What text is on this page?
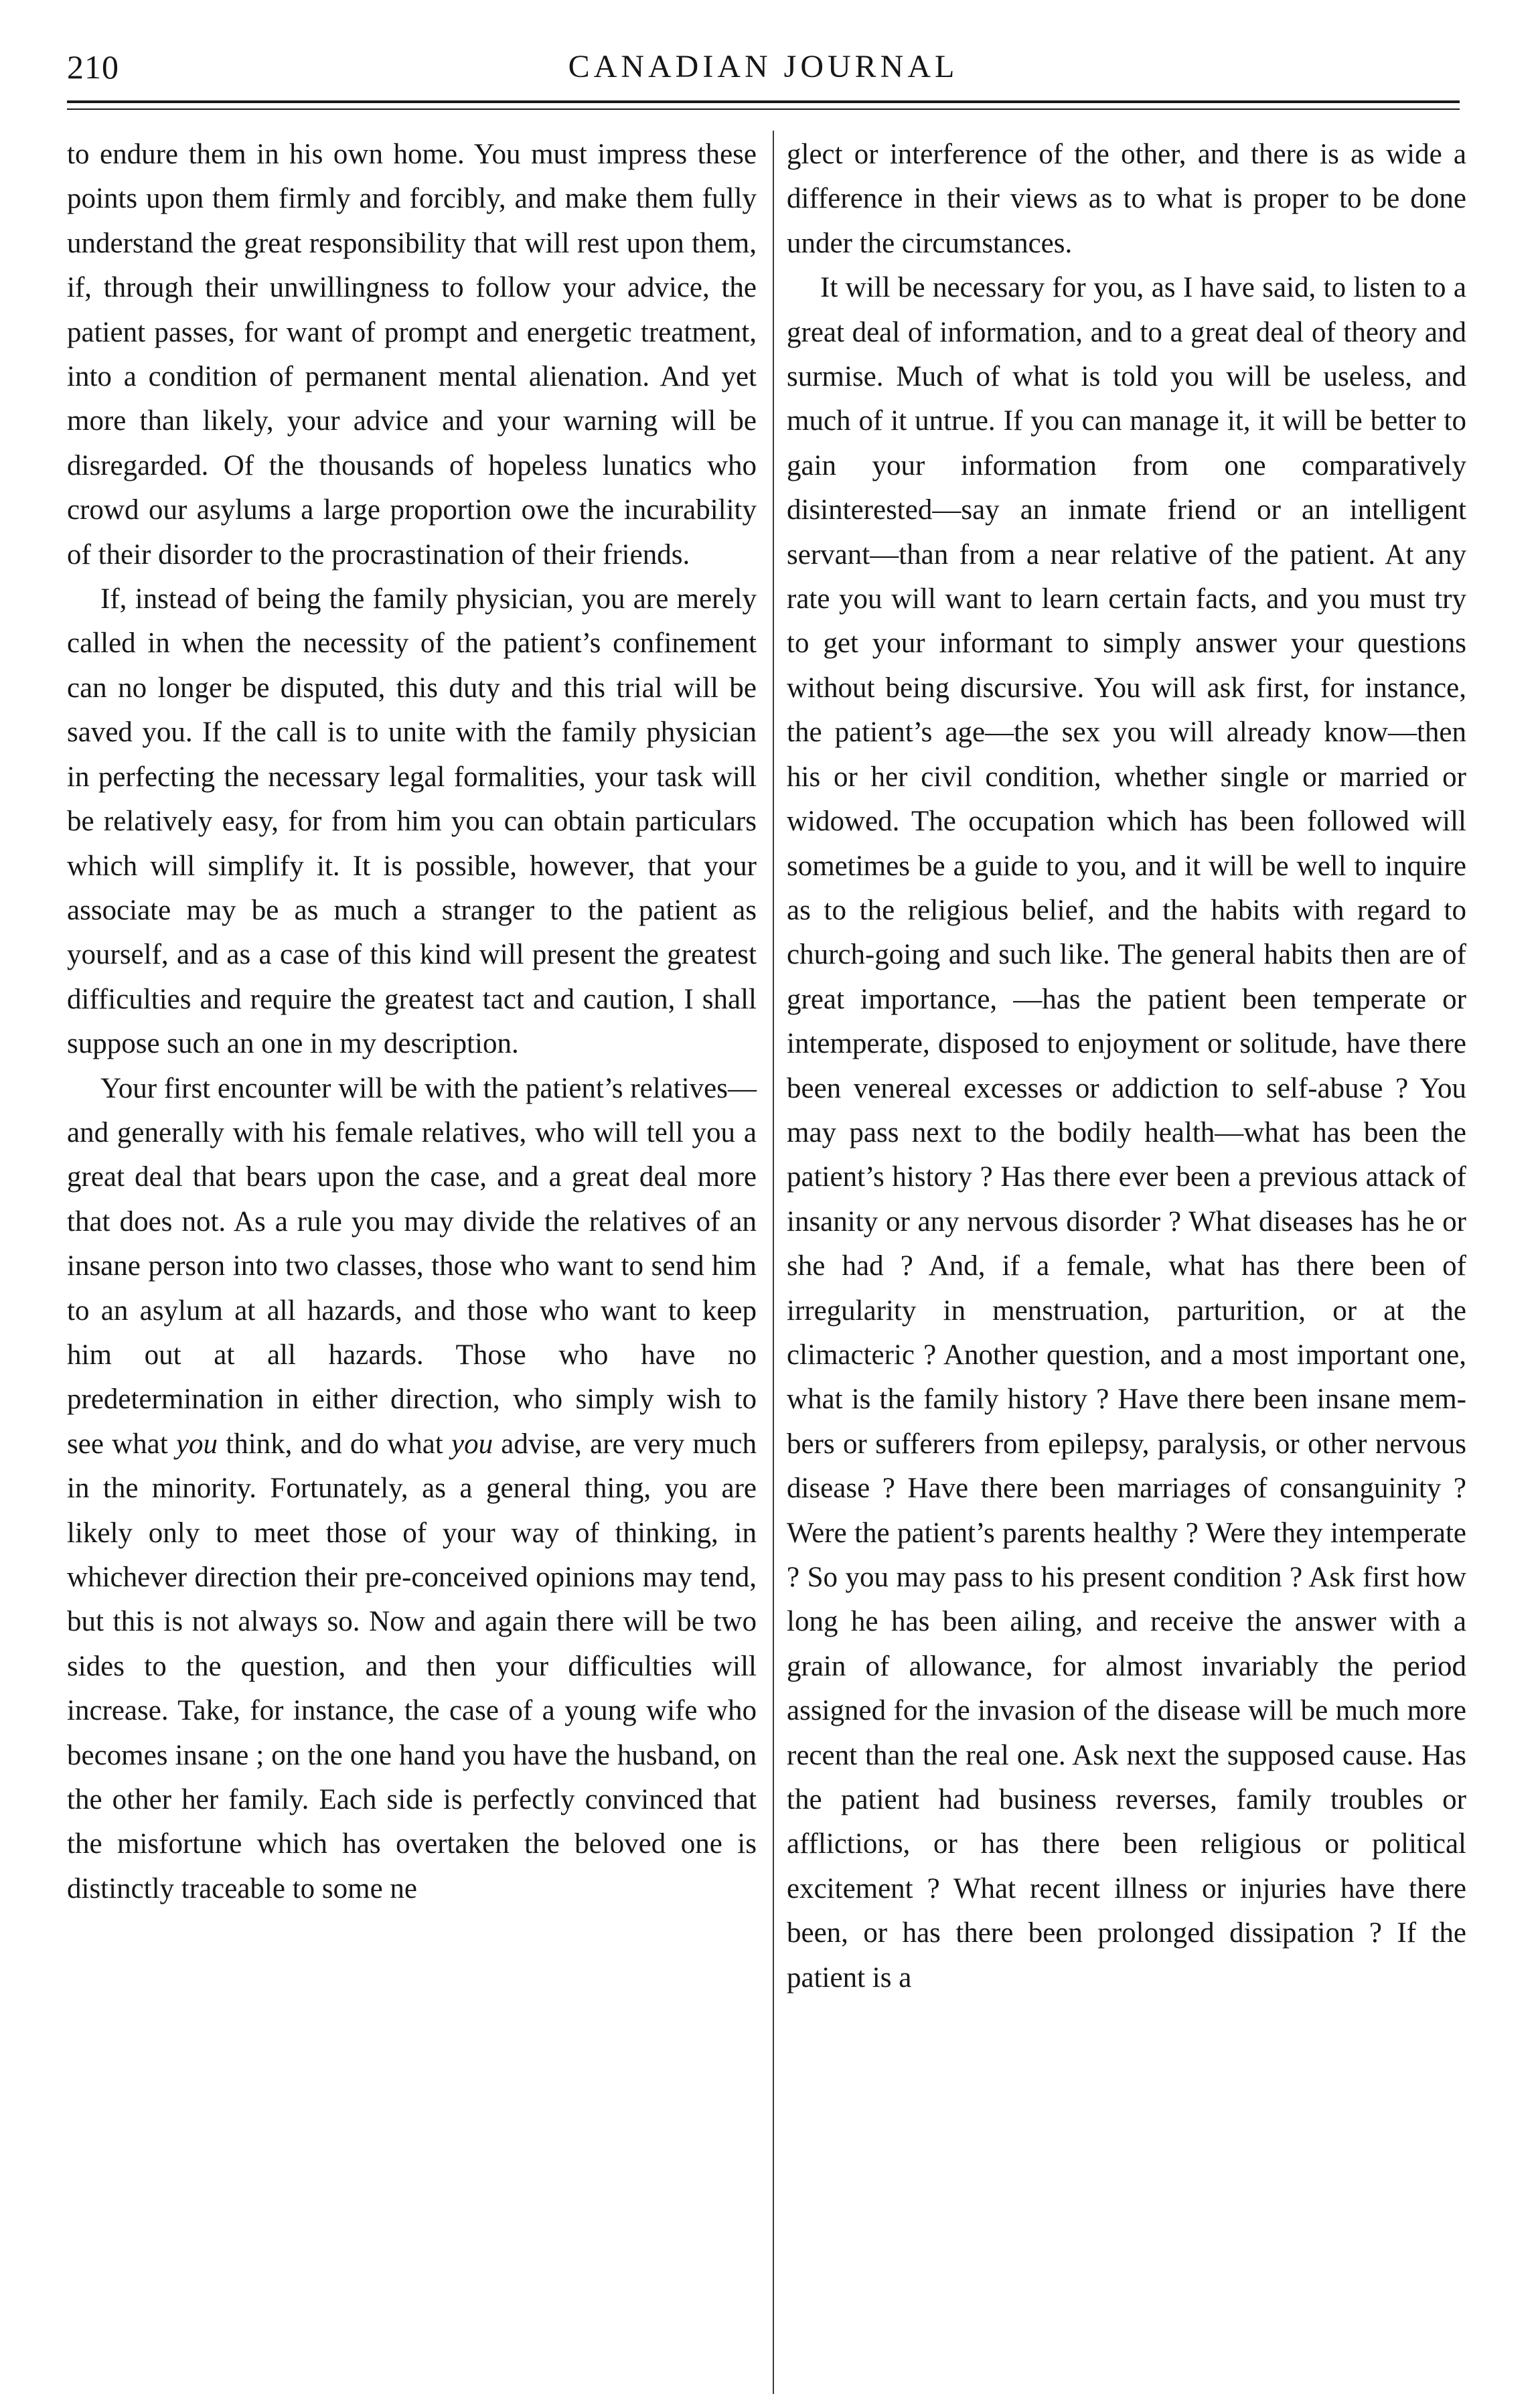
210	CANADIAN JOURNAL

to endure them in his own home. You must impress these points upon them firmly and forcibly, and make them fully understand the great responsibility that will rest upon them, if, through their unwillingness to follow your advice, the patient passes, for want of prompt and energetic treatment, into a condition of permanent mental alienation. And yet more than likely, your advice and your warning will be disregarded. Of the thousands of hopeless lunatics who crowd our asylums a large proportion owe the incurability of their disorder to the procrastination of their friends.

If, instead of being the family physician, you are merely called in when the necessity of the patient’s confinement can no longer be disputed, this duty and this trial will be saved you. If the call is to unite with the family physician in perfecting the necessary legal formalities, your task will be relatively easy, for from him you can obtain particulars which will simplify it. It is possible, however, that your associate may be as much a stranger to the patient as yourself, and as a case of this kind will present the greatest difficulties and require the greatest tact and caution, I shall suppose such an one in my description.

Your first encounter will be with the patient’s relatives—and generally with his female relatives, who will tell you a great deal that bears upon the case, and a great deal more that does not. As a rule you may divide the relatives of an insane person into two classes, those who want to send him to an asylum at all hazards, and those who want to keep him out at all hazards. Those who have no predetermination in either direction, who simply wish to see what you think, and do what you advise, are very much in the minority. Fortunately, as a general thing, you are likely only to meet those of your way of thinking, in whichever direction their pre-conceived opinions may tend, but this is not always so. Now and again there will be two sides to the question, and then your difficulties will increase. Take, for instance, the case of a young wife who becomes insane ; on the one hand you have the husband, on the other her family. Each side is perfectly convinced that the misfortune which has overtaken the beloved one is distinctly traceable to some ne

glect or interference of the other, and there is as wide a difference in their views as to what is proper to be done under the circumstances.

It will be necessary for you, as I have said, to listen to a great deal of information, and to a great deal of theory and surmise. Much of what is told you will be useless, and much of it untrue. If you can manage it, it will be better to gain your information from one comparatively disinterested—say an inmate friend or an intelligent servant—than from a near relative of the patient. At any rate you will want to learn certain facts, and you must try to get your informant to simply answer your questions without being discursive. You will ask first, for instance, the patient’s age—the sex you will already know—then his or her civil condition, whether single or married or widowed. The occupation which has been followed will sometimes be a guide to you, and it will be well to inquire as to the religious belief, and the habits with regard to church-going and such like. The general habits then are of great importance, —has the patient been temperate or intemperate, disposed to enjoyment or solitude, have there been venereal excesses or addiction to self-abuse ? You may pass next to the bodily health—what has been the patient’s history ? Has there ever been a previous attack of insanity or any nervous disorder ? What diseases has he or she had ? And, if a female, what has there been of irregularity in menstruation, parturition, or at the climacteric ? Another question, and a most important one, what is the family history ? Have there been insane members or sufferers from epilepsy, paralysis, or other nervous disease ? Have there been marriages of consanguinity ? Were the patient’s parents healthy ? Were they intemperate ? So you may pass to his present condition ? Ask first how long he has been ailing, and receive the answer with a grain of allowance, for almost invariably the period assigned for the invasion of the disease will be much more recent than the real one. Ask next the supposed cause. Has the patient had business reverses, family troubles or afflictions, or has there been religious or political excitement ? What recent illness or injuries have there been, or has there been prolonged dissipation ? If the patient is a
